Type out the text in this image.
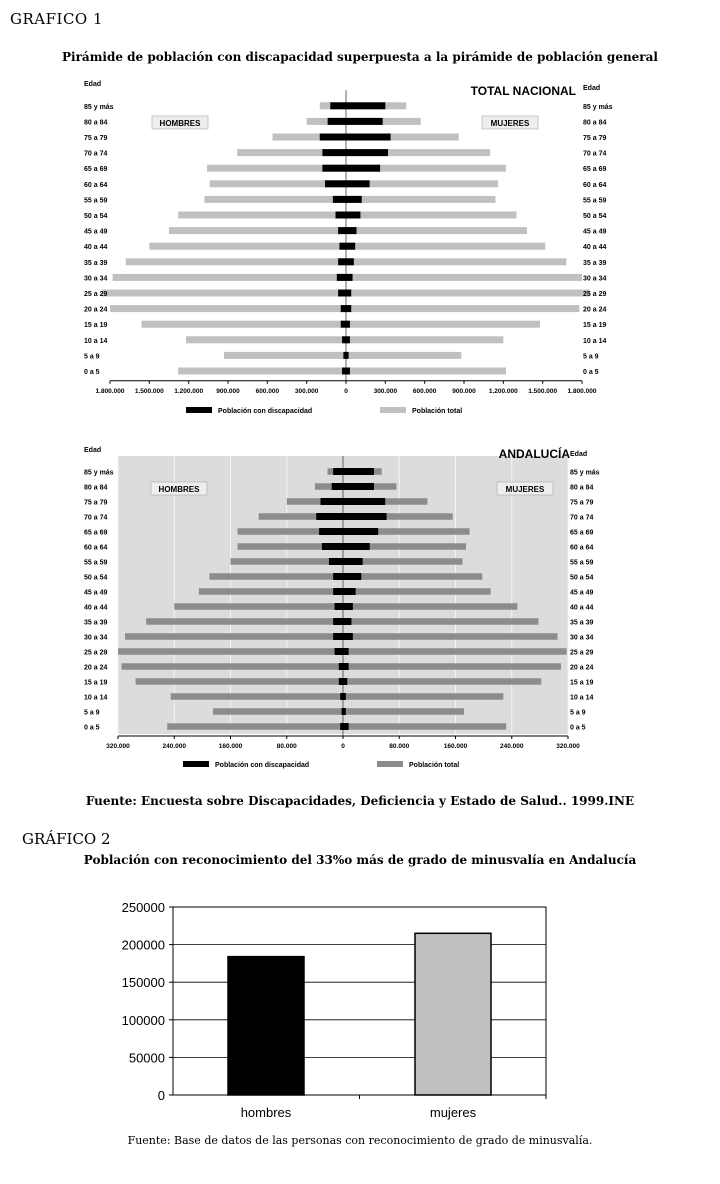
GRAFICO 1
Pirámide de población con discapacidad superpuesta a la pirámide de población general
85 y más	85 y más
80 a 84	80 a 84
75 a 79	75 a 79
70 a 74	70 a 74
65 a 69	65 a 69
60 a 64	60 a 64
55 a 59	55 a 59
50 a 54	50 a 54
45 a 49	45 a 49
40 a 44	40 a 44
35 a 39	35 a 39
30 a 34	30 a 34
25 a 29	25 a 29
20 a 24	20 a 24
15 a 19	15 a 19
10 a 14	10 a 14
5 a 9	5 a 9
0 a 5	0 a 5
1.800.000 1.500.000 1.200.000 900.000 600.000 300.000	0	300.000 600.000 900.000 1.200.000 1.500.000 1.800.000
Edad
Edad
TOTAL NACIONAL
HOMBRES	MUJERES
Población con discapacidad	Población total
85 y más	85 y más
80 a 84	80 a 84
75 a 79	75 a 79
70 a 74	70 a 74
65 a 69	65 a 69
60 a 64	60 a 64
55 a 59	55 a 59
50 a 54	50 a 54
45 a 49	45 a 49
40 a 44	40 a 44
35 a 39	35 a 39
30 a 34	30 a 34
25 a 29	25 a 29
20 a 24	20 a 24
15 a 19	15 a 19
10 a 14	10 a 14
5 a 9	5 a 9
0 a 5	0 a 5
320.000	240.000	160.000	80.000	0	80.000	160.000	240.000	320.000
Edad
Edad
ANDALUCÍA
HOMBRES	MUJERES
Población con discapacidad	Población total
Fuente: Encuesta sobre Discapacidades, Deficiencia y Estado de Salud.. 1999.INE
GRÁFICO 2
Población con reconocimiento del 33%o más de grado de minusvalía en Andalucía
250000
200000
150000
100000
50000
0
hombres	mujeres
Fuente: Base de datos de las personas con reconocimiento de grado de minusvalía.
